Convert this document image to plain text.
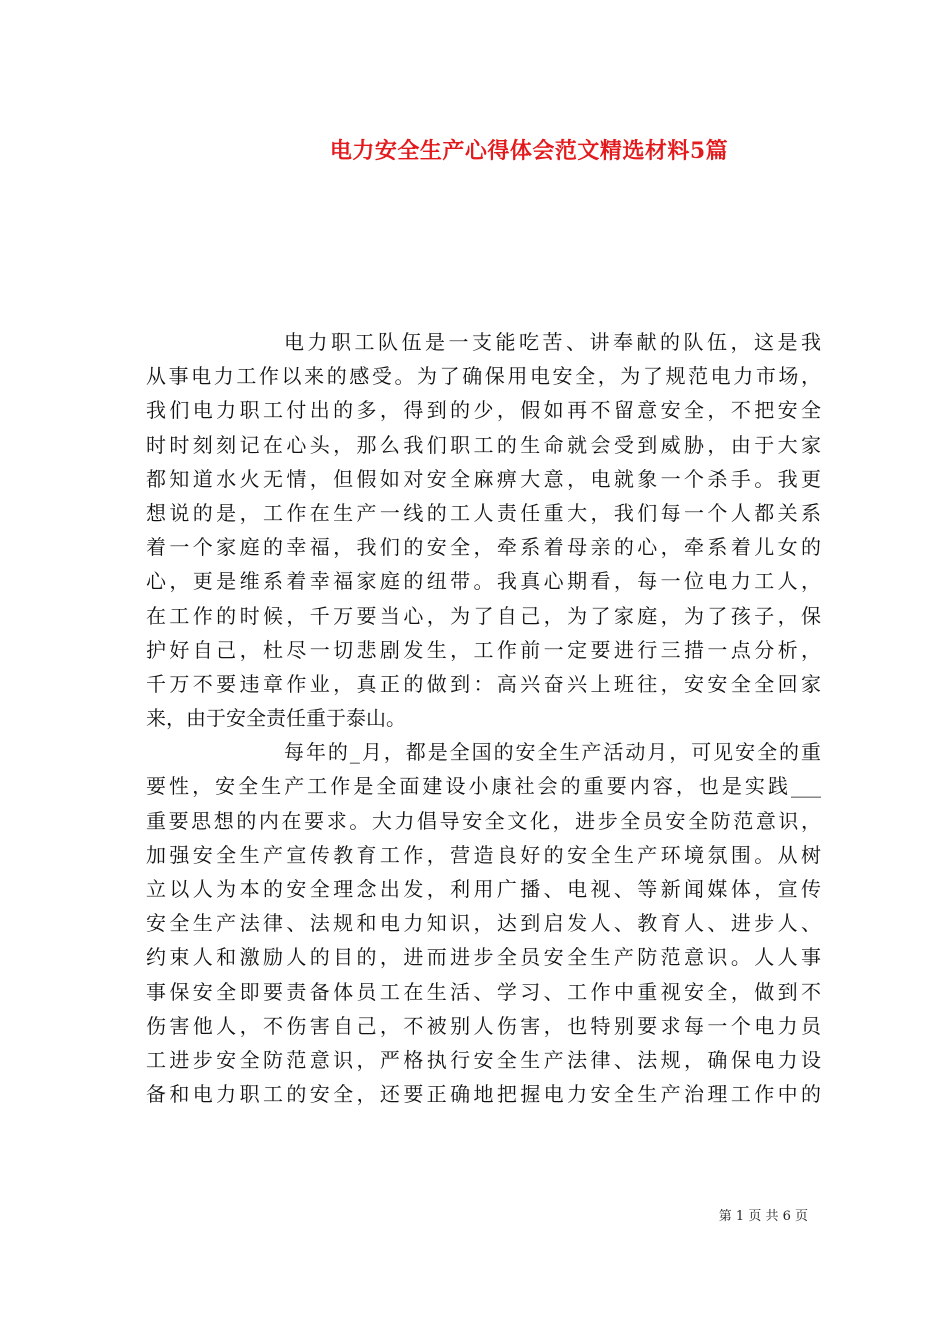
电力安全生产心得体会范文精选材料5篇
电力职工队伍是一支能吃苦、讲奉献的队伍，这是我
从事电力工作以来的感受。为了确保用电安全，为了规范电力市场，
我们电力职工付出的多，得到的少，假如再不留意安全，不把安全
时时刻刻记在心头，那么我们职工的生命就会受到威胁，由于大家
都知道水火无情，但假如对安全麻痹大意，电就象一个杀手。我更
想说的是，工作在生产一线的工人责任重大，我们每一个人都关系
着一个家庭的幸福，我们的安全，牵系着母亲的心，牵系着儿女的
心，更是维系着幸福家庭的纽带。我真心期看，每一位电力工人，
在工作的时候，千万要当心，为了自己，为了家庭，为了孩子，保
护好自己，杜尽一切悲剧发生，工作前一定要进行三措一点分析，
千万不要违章作业，真正的做到：高兴奋兴上班往，安安全全回家
来，由于安全责任重于泰山。
每年的_月，都是全国的安全生产活动月，可见安全的重
要性，安全生产工作是全面建设小康社会的重要内容，也是实践___
重要思想的内在要求。大力倡导安全文化，进步全员安全防范意识，
加强安全生产宣传教育工作，营造良好的安全生产环境氛围。从树
立以人为本的安全理念出发，利用广播、电视、等新闻媒体，宣传
安全生产法律、法规和电力知识，达到启发人、教育人、进步人、
约束人和激励人的目的，进而进步全员安全生产防范意识。人人事
事保安全即要责备体员工在生活、学习、工作中重视安全，做到不
伤害他人，不伤害自己，不被别人伤害，也特别要求每一个电力员
工进步安全防范意识，严格执行安全生产法律、法规，确保电力设
备和电力职工的安全，还要正确地把握电力安全生产治理工作中的
第 1 页 共 6 页
